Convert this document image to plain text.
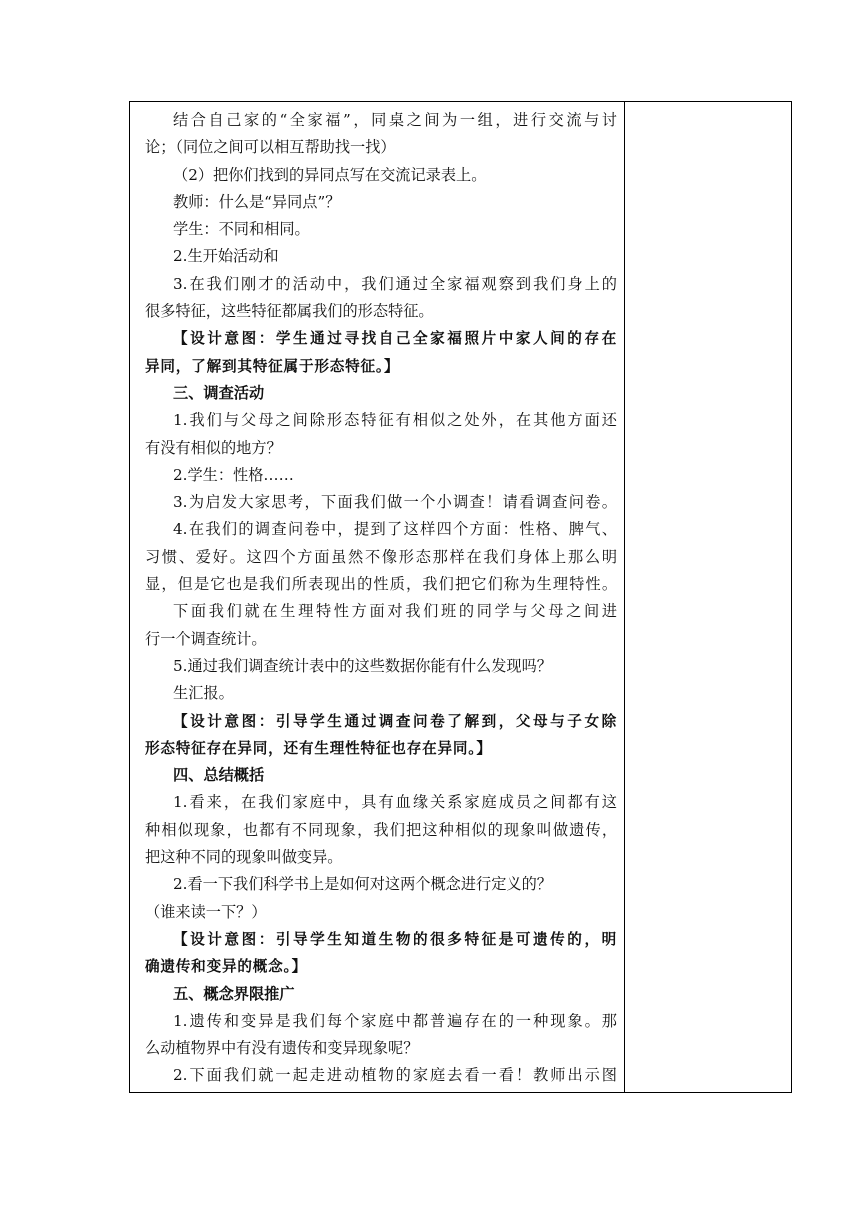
结合自己家的“全家福”，同桌之间为一组，进行交流与讨
论；（同位之间可以相互帮助找一找）
（2）把你们找到的异同点写在交流记录表上。
教师：什么是“异同点”？
学生：不同和相同。
2.生开始活动和
3.在我们刚才的活动中，我们通过全家福观察到我们身上的
很多特征，这些特征都属我们的形态特征。
【设计意图：学生通过寻找自己全家福照片中家人间的存在
异同，了解到其特征属于形态特征。】
三、调查活动
1.我们与父母之间除形态特征有相似之处外，在其他方面还
有没有相似的地方？
2.学生：性格……
3.为启发大家思考，下面我们做一个小调查！请看调查问卷。
4.在我们的调查问卷中，提到了这样四个方面：性格、脾气、
习惯、爱好。这四个方面虽然不像形态那样在我们身体上那么明
显，但是它也是我们所表现出的性质，我们把它们称为生理特性。
下面我们就在生理特性方面对我们班的同学与父母之间进
行一个调查统计。
5.通过我们调查统计表中的这些数据你能有什么发现吗？
生汇报。
【设计意图：引导学生通过调查问卷了解到，父母与子女除
形态特征存在异同，还有生理性特征也存在异同。】
四、总结概括
1.看来，在我们家庭中，具有血缘关系家庭成员之间都有这
种相似现象，也都有不同现象，我们把这种相似的现象叫做遗传，
把这种不同的现象叫做变异。
2.看一下我们科学书上是如何对这两个概念进行定义的？
（谁来读一下？）
【设计意图：引导学生知道生物的很多特征是可遗传的，明
确遗传和变异的概念。】
五、概念界限推广
1.遗传和变异是我们每个家庭中都普遍存在的一种现象。那
么动植物界中有没有遗传和变异现象呢？
2.下面我们就一起走进动植物的家庭去看一看！教师出示图
